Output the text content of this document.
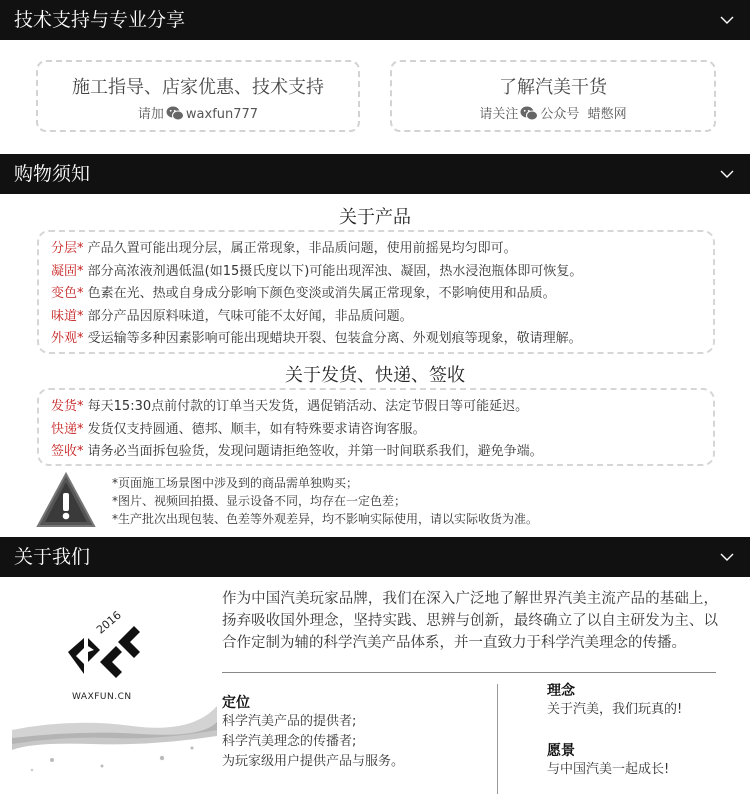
技术支持与专业分享
施工指导、店家优惠、技术支持
请加 waxfun777
了解汽美干货
请关注 公众号 蜡憋网
购物须知
关于产品
分层* 产品久置可能出现分层，属正常现象，非品质问题，使用前摇晃均匀即可。
凝固* 部分高浓液剂遇低温(如15摄氏度以下)可能出现浑浊、凝固，热水浸泡瓶体即可恢复。
变色* 色素在光、热或自身成分影响下颜色变淡或消失属正常现象，不影响使用和品质。
味道* 部分产品因原料味道，气味可能不太好闻，非品质问题。
外观* 受运输等多种因素影响可能出现蜡块开裂、包装盒分离、外观划痕等现象，敬请理解。
关于发货、快递、签收
发货* 每天15:30点前付款的订单当天发货，遇促销活动、法定节假日等可能延迟。
快递* 发货仅支持圆通、德邦、顺丰，如有特殊要求请咨询客服。
签收* 请务必当面拆包验货，发现问题请拒绝签收，并第一时间联系我们，避免争端。
*页面施工场景图中涉及到的商品需单独购买；
*图片、视频回拍摄、显示设备不同，均存在一定色差；
*生产批次出现包装、色差等外观差异，均不影响实际使用，请以实际收货为准。
关于我们
2016
WAXFUN.CN
作为中国汽美玩家品牌，我们在深入广泛地了解世界汽美主流产品的基础上，扬弃吸收国外理念，坚持实践、思辨与创新，最终确立了以自主研发为主、以合作定制为辅的科学汽美产品体系，并一直致力于科学汽美理念的传播。
定位
科学汽美产品的提供者;
科学汽美理念的传播者;
为玩家级用户提供产品与服务。
理念
关于汽美，我们玩真的!
愿景
与中国汽美一起成长!
